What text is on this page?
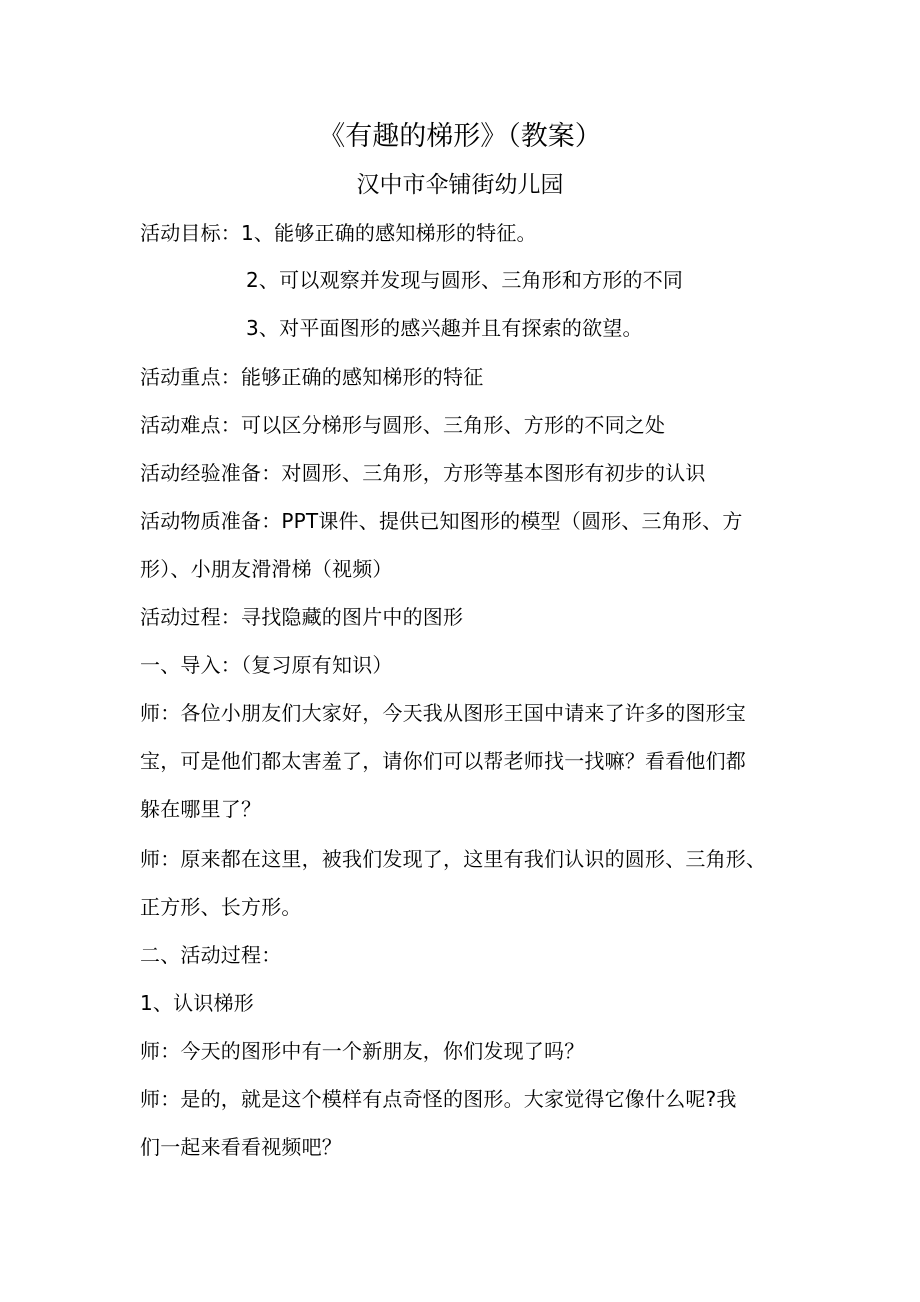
《有趣的梯形》（教案）
汉中市伞铺街幼儿园
活动目标：1、能够正确的感知梯形的特征。
2、可以观察并发现与圆形、三角形和方形的不同
3、对平面图形的感兴趣并且有探索的欲望。
活动重点：能够正确的感知梯形的特征
活动难点：可以区分梯形与圆形、三角形、方形的不同之处
活动经验准备：对圆形、三角形，方形等基本图形有初步的认识
活动物质准备：PPT课件、提供已知图形的模型（圆形、三角形、方
形）、小朋友滑滑梯（视频）
活动过程：寻找隐藏的图片中的图形
一、导入：（复习原有知识）
师：各位小朋友们大家好，今天我从图形王国中请来了许多的图形宝
宝，可是他们都太害羞了，请你们可以帮老师找一找嘛？看看他们都
躲在哪里了？
师：原来都在这里，被我们发现了，这里有我们认识的圆形、三角形、
正方形、长方形。
二、活动过程：
1、认识梯形
师：今天的图形中有一个新朋友，你们发现了吗？
师：是的，就是这个模样有点奇怪的图形。大家觉得它像什么呢?我
们一起来看看视频吧？
